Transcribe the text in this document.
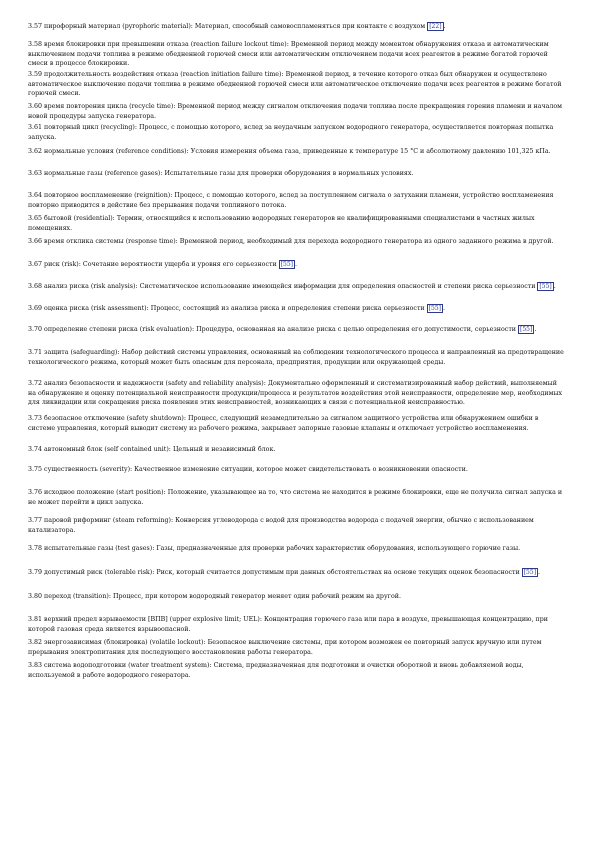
3.57 пирофорный материал (pyrophoric material): Материал, способный самовоспламеняться при контакте с воздухом [22] .

3.58 время блокировки при превышении отказа (reaction failure lockout time): Временной период между моментом обнаружения отказа и автоматическим выключением подачи топлива в режиме обедненной горючей смеси или автоматическим отключением подачи всех реагентов в режиме богатой горючей смеси в процессе блокировки.

3.59 продолжительность воздействия отказа (reaction initiation failure time): Временной период, в течение которого отказ был обнаружен и осуществлено автоматическое выключение подачи топлива в режиме обедненной горючей смеси или автоматическое отключение подачи всех реагентов в режиме богатой горючей смеси.

3.60 время повторения цикла (recycle time): Временной период между сигналом отключения подачи топлива после прекращения горения пламени и началом новой процедуры запуска генератора.

3.61 повторный цикл (recycling): Процесс, с помощью которого, вслед за неудачным запуском водородного генератора, осуществляется повторная попытка запуска.

3.62 нормальные условия (reference conditions): Условия измерения объема газа, приведенные к температуре 15 °С и абсолютному давлению 101,325 кПа.

3.63 нормальные газы (reference gases): Испытательные газы для проверки оборудования в нормальных условиях.

3.64 повторное воспламенение (reignition): Процесс, с помощью которого, вслед за поступлением сигнала о затухании пламени, устройство воспламенения повторно приводится в действие без прерывания подачи топливного потока.

3.65 бытовой (residential): Термин, относящийся к использованию водородных генераторов не квалифицированными специалистами в частных жилых помещениях.

3.66 время отклика системы (response time): Временной период, необходимый для перехода водородного генератора из одного заданного режима в другой.

3.67 риск (risk): Сочетание вероятности ущерба и уровня его серьезности [55] .

3.68 анализ риска (risk analysis): Систематическое использование имеющейся информации для определения опасностей и степени риска серьезности [55] .

3.69 оценка риска (risk assessment): Процесс, состоящий из анализа риска и определения степени риска серьезности [55] .

3.70 определение степени риска (risk evaluation): Процедура, основанная на анализе риска с целью определения его допустимости, серьезности [55] .

3.71 защита (safeguarding): Набор действий системы управления, основанный на соблюдении технологического процесса и направленный на предотвращение технологического режима, который может быть опасным для персонала, предприятия, продукции или окружающей среды.

3.72 анализ безопасности и надежности (safety and reliability analysis): Документально оформленный и систематизированный набор действий, выполняемый на обнаружение и оценку потенциальной неисправности продукции/процесса и результатов воздействия этой неисправности, определение мер, необходимых для ликвидации или сокращения риска появления этих неисправностей, возникающих в связи с потенциальной неисправностью.

3.73 безопасное отключение (safety shutdown): Процесс, следующий незамедлительно за сигналом защитного устройства или обнаружением ошибки в системе управления, который выводит систему из рабочего режима, закрывает запорные газовые клапаны и отключает устройство воспламенения.

3.74 автономный блок (self contained unit): Цельный и независимый блок.

3.75 существенность (severity): Качественное изменение ситуации, которое может свидетельствовать о возникновении опасности.

3.76 исходное положение (start position): Положение, указывающее на то, что система не находится в режиме блокировки, еще не получила сигнал запуска и не может перейти в цикл запуска.

3.77 паровой риформинг (steam reforming): Конверсия углеводорода с водой для производства водорода с подачей энергии, обычно с использованием катализатора.

3.78 испытательные газы (test gases): Газы, предназначенные для проверки рабочих характеристик оборудования, использующего горючие газы.

3.79 допустимый риск (tolerable risk): Риск, который считается допустимым при данных обстоятельствах на основе текущих оценок безопасности [55] .

3.80 переход (transition): Процесс, при котором водородный генератор меняет один рабочий режим на другой.

3.81 верхний предел взрываемости [ВПВ] (upper explosive limit; UEL): Концентрация горючего газа или пара в воздухе, превышающая концентрацию, при которой газовая среда является взрывоопасной.

3.82 энергозависимая (блокировка) (volatile lockout): Безопасное выключение системы, при котором возможен ее повторный запуск вручную или путем прерывания электропитания для последующего восстановления работы генератора.

3.83 система водоподготовки (water treatment system): Система, предназначенная для подготовки и очистки оборотной и вновь добавляемой воды, используемой в работе водородного генератора.
